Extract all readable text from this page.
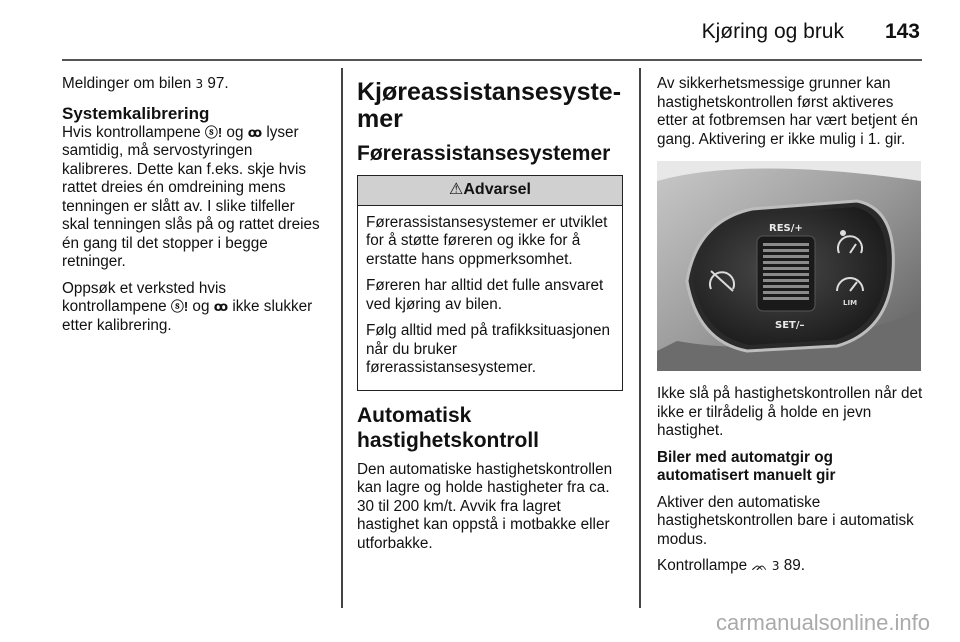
Kjøring og bruk 143

Meldinger om bilen 3 97.

Systemkalibrering

Hvis kontrollampene ⓢ! og ꝏ lyser samtidig, må servostyringen kalibreres. Dette kan f.eks. skje hvis rattet dreies én omdreining mens tenningen er slått av. I slike tilfeller skal tenningen slås på og rattet dreies én gang til det stopper i begge retninger.

Oppsøk et verksted hvis kontrollampene ⓢ! og ꝏ ikke slukker etter kalibrering.

Kjøreassistansesyste-
mer
Førerassistansesystemer
⚠Advarsel

Førerassistansesystemer er utviklet for å støtte føreren og ikke for å erstatte hans oppmerksomhet.

Føreren har alltid det fulle ansvaret ved kjøring av bilen.

Følg alltid med på trafikksituasjonen når du bruker førerassistansesystemer.

Automatisk
hastighetskontroll

Den automatiske hastighetskontrollen kan lagre og holde hastigheter fra ca. 30 til 200 km/t. Avvik fra lagret hastighet kan oppstå i motbakke eller utforbakke.

Av sikkerhetsmessige grunner kan hastighetskontrollen først aktiveres etter at fotbremsen har vært betjent én gang. Aktivering er ikke mulig i 1. gir.

RES/+
SET/–
LIM

Ikke slå på hastighetskontrollen når det ikke er tilrådelig å holde en jevn hastighet.

Biler med automatgir og automatisert manuelt gir

Aktiver den automatiske hastighetskontrollen bare i automatisk modus.

Kontrollampe ᨏ 3 89.

carmanualsonline.info
